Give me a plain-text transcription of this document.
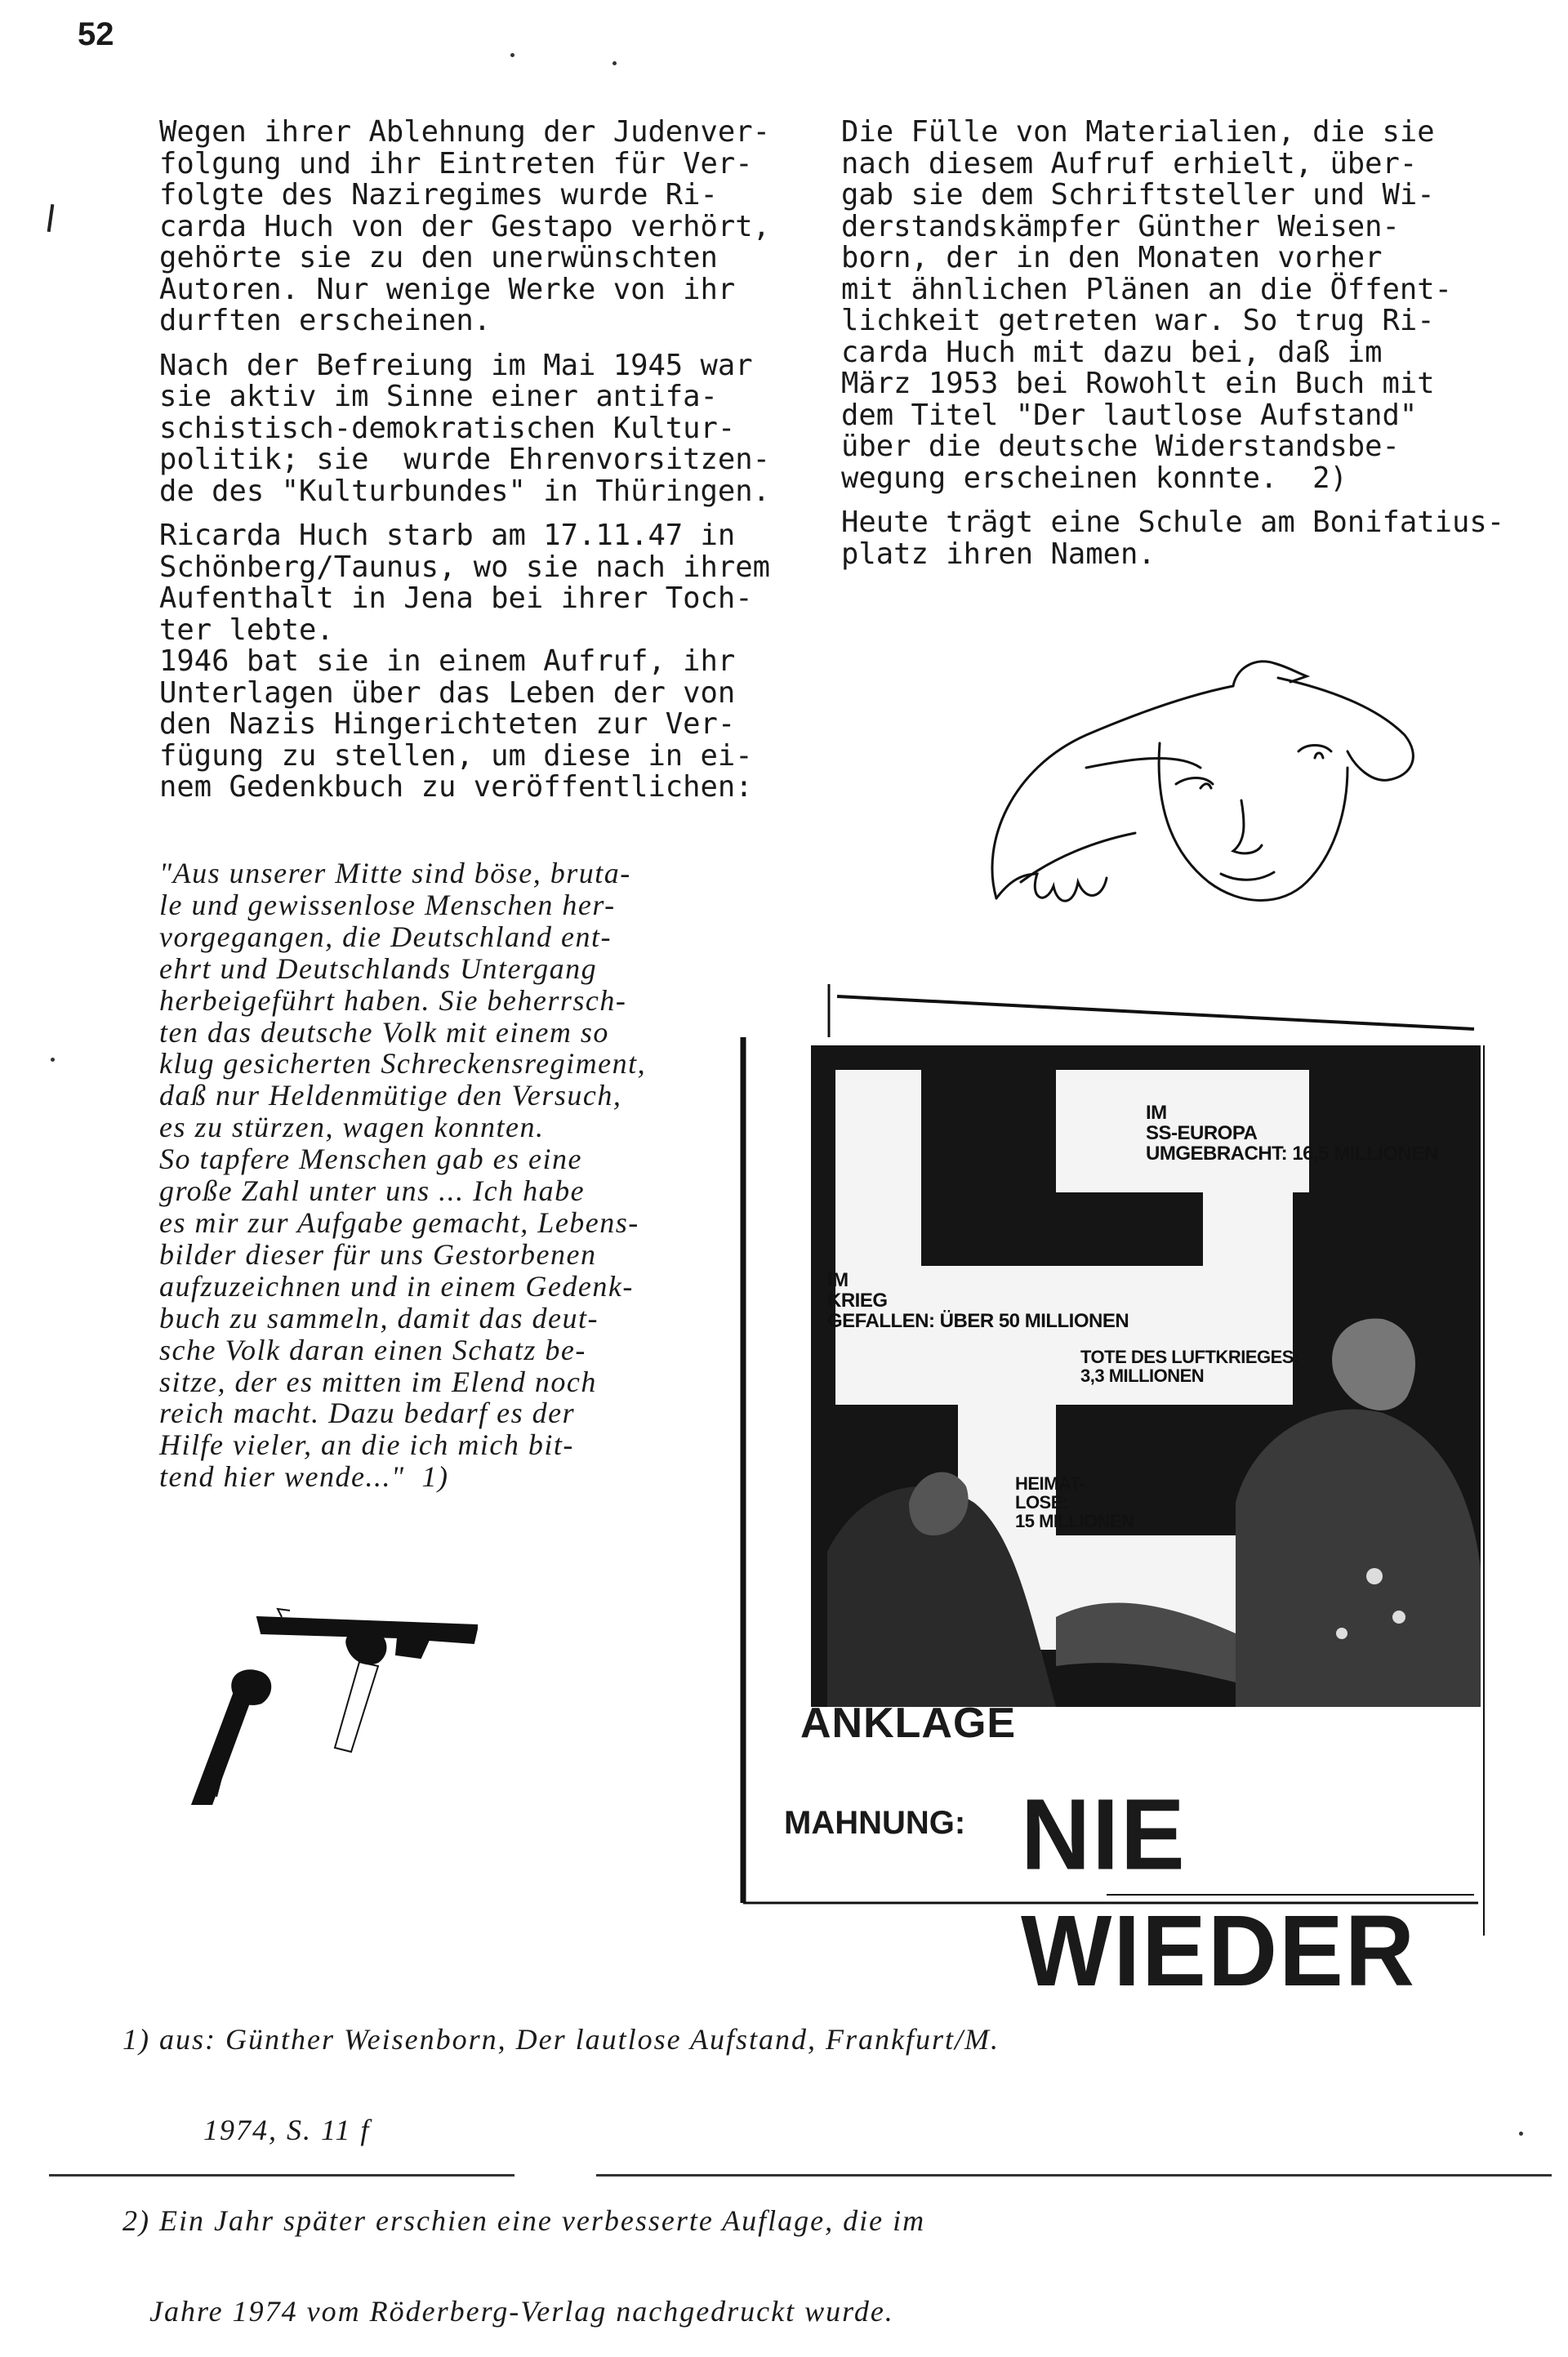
52

Wegen ihrer Ablehnung der Judenver-
folgung und ihr Eintreten für Ver-
folgte des Naziregimes wurde Ri-
carda Huch von der Gestapo verhört,
gehörte sie zu den unerwünschten
Autoren. Nur wenige Werke von ihr
durften erscheinen.

Nach der Befreiung im Mai 1945 war
sie aktiv im Sinne einer antifa-
schistisch-demokratischen Kultur-
politik; sie  wurde Ehrenvorsitzen-
de des "Kulturbundes" in Thüringen.

Ricarda Huch starb am 17.11.47 in
Schönberg/Taunus, wo sie nach ihrem
Aufenthalt in Jena bei ihrer Toch-
ter lebte.
1946 bat sie in einem Aufruf, ihr
Unterlagen über das Leben der von
den Nazis Hingerichteten zur Ver-
fügung zu stellen, um diese in ei-
nem Gedenkbuch zu veröffentlichen:

Die Fülle von Materialien, die sie
nach diesem Aufruf erhielt, über-
gab sie dem Schriftsteller und Wi-
derstandskämpfer Günther Weisen-
born, der in den Monaten vorher
mit ähnlichen Plänen an die Öffent-
lichkeit getreten war. So trug Ri-
carda Huch mit dazu bei, daß im
März 1953 bei Rowohlt ein Buch mit
dem Titel "Der lautlose Aufstand"
über die deutsche Widerstandsbe-
wegung erscheinen konnte.  2)

Heute trägt eine Schule am Bonifatius-
platz ihren Namen.

IM
SS-EUROPA
UMGEBRACHT: 16,5 MILLIONEN
IM
KRIEG
GEFALLEN: ÜBER 50
TOTE DES LUFTKRIEGES:
3,3 MILLIONEN
HEIMAT-
LOSE:
15 MILLIONEN
ANKLAGE
MAHNUNG: NIE WIEDER
"Aus unserer Mitte sind böse, bruta-
le und gewissenlose Menschen her-
vorgegangen, die Deutschland ent-
ehrt und Deutschlands Untergang
herbeigeführt haben. Sie beherrsch-
ten das deutsche Volk mit einem so
klug gesicherten Schreckensregiment,
daß nur Heldenmütige den Versuch,
es zu stürzen, wagen konnten.
So tapfere Menschen gab es eine
große Zahl unter uns ... Ich habe
es mir zur Aufgabe gemacht, Lebens-
bilder dieser für uns Gestorbenen
aufzuzeichnen und in einem Gedenk-
buch zu sammeln, damit das deut-
sche Volk daran einen Schatz be-
sitze, der es mitten im Elend noch
reich macht. Dazu bedarf es der
Hilfe vieler, an die ich mich bit-
tend hier wende..."  1)

1) aus: Günther Weisenborn, Der lautlose Aufstand, Frankfurt/M.

1974, S. 11 f

2) Ein Jahr später erschien eine verbesserte Auflage, die im

Jahre 1974 vom Röderberg-Verlag nachgedruckt wurde.
